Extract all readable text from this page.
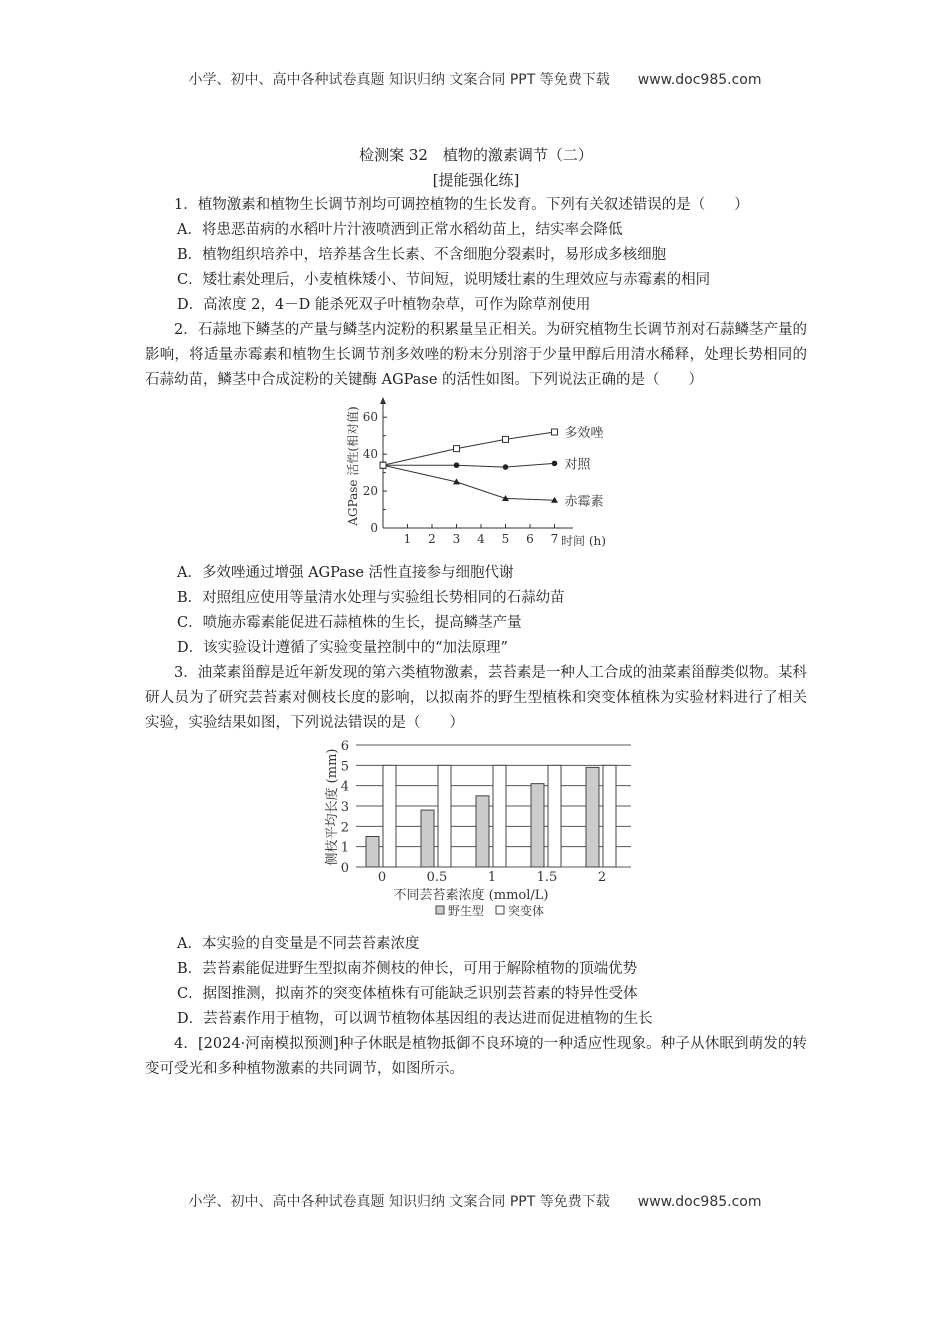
小学、初中、高中各种试卷真题 知识归纳 文案合同 PPT 等免费下载 www.doc985.com
检测案 32　植物的激素调节（二）
[提能强化练]
1．植物激素和植物生长调节剂均可调控植物的生长发育。下列有关叙述错误的是（　　）
A．将患恶苗病的水稻叶片汁液喷洒到正常水稻幼苗上，结实率会降低
B．植物组织培养中，培养基含生长素、不含细胞分裂素时，易形成多核细胞
C．矮壮素处理后，小麦植株矮小、节间短，说明矮壮素的生理效应与赤霉素的相同
D．高浓度 2，4－D 能杀死双子叶植物杂草，可作为除草剂使用
2．石蒜地下鳞茎的产量与鳞茎内淀粉的积累量呈正相关。为研究植物生长调节剂对石蒜鳞茎产量的影响，将适量赤霉素和植物生长调节剂多效唑的粉末分别溶于少量甲醇后用清水稀释，处理长势相同的石蒜幼苗，鳞茎中合成淀粉的关键酶 AGPase 的活性如图。下列说法正确的是（　　）
0
20
40
60
1 2 3 4 5 6 7 时间 (h)
AGPase 活性(相对值)	多效唑
对照
赤霉素
A．多效唑通过增强 AGPase 活性直接参与细胞代谢
B．对照组应使用等量清水处理与实验组长势相同的石蒜幼苗
C．喷施赤霉素能促进石蒜植株的生长，提高鳞茎产量
D．该实验设计遵循了实验变量控制中的“加法原理”
3．油菜素甾醇是近年新发现的第六类植物激素，芸苔素是一种人工合成的油菜素甾醇类似物。某科研人员为了研究芸苔素对侧枝长度的影响，以拟南芥的野生型植株和突变体植株为实验材料进行了相关实验，实验结果如图，下列说法错误的是（　　）
0
1
2
3
4
5
6
0	0.5	1	1.5	2
不同芸苔素浓度 (mmol/L)
侧枝平均长度 (mm)
野生型 突变体
A．本实验的自变量是不同芸苔素浓度
B．芸苔素能促进野生型拟南芥侧枝的伸长，可用于解除植物的顶端优势
C．据图推测，拟南芥的突变体植株有可能缺乏识别芸苔素的特异性受体
D．芸苔素作用于植物，可以调节植物体基因组的表达进而促进植物的生长
4．[2024·河南模拟预测]种子休眠是植物抵御不良环境的一种适应性现象。种子从休眠到萌发的转变可受光和多种植物激素的共同调节，如图所示。
小学、初中、高中各种试卷真题 知识归纳 文案合同 PPT 等免费下载 www.doc985.com
